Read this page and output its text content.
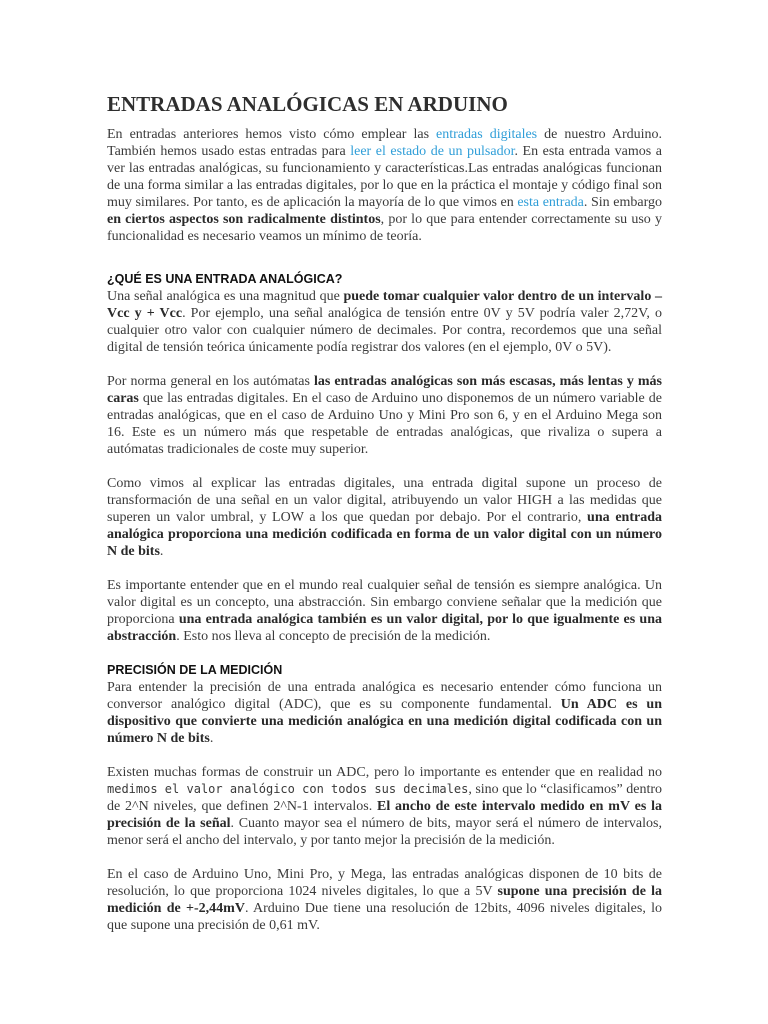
ENTRADAS ANALÓGICAS EN ARDUINO

En entradas anteriores hemos visto cómo emplear las entradas digitales de nuestro Arduino. También hemos usado estas entradas para leer el estado de un pulsador. En esta entrada vamos a ver las entradas analógicas, su funcionamiento y características.Las entradas analógicas funcionan de una forma similar a las entradas digitales, por lo que en la práctica el montaje y código final son muy similares. Por tanto, es de aplicación la mayoría de lo que vimos en esta entrada. Sin embargo en ciertos aspectos son radicalmente distintos, por lo que para entender correctamente su uso y funcionalidad es necesario veamos un mínimo de teoría.

¿QUÉ ES UNA ENTRADA ANALÓGICA?

Una señal analógica es una magnitud que puede tomar cualquier valor dentro de un intervalo –Vcc y + Vcc. Por ejemplo, una señal analógica de tensión entre 0V y 5V podría valer 2,72V, o cualquier otro valor con cualquier número de decimales. Por contra, recordemos que una señal digital de tensión teórica únicamente podía registrar dos valores (en el ejemplo, 0V o 5V).

Por norma general en los autómatas las entradas analógicas son más escasas, más lentas y más caras que las entradas digitales. En el caso de Arduino uno disponemos de un número variable de entradas analógicas, que en el caso de Arduino Uno y Mini Pro son 6, y en el Arduino Mega son 16. Este es un número más que respetable de entradas analógicas, que rivaliza o supera a autómatas tradicionales de coste muy superior.

Como vimos al explicar las entradas digitales, una entrada digital supone un proceso de transformación de una señal en un valor digital, atribuyendo un valor HIGH a las medidas que superen un valor umbral, y LOW a los que quedan por debajo. Por el contrario, una entrada analógica proporciona una medición codificada en forma de un valor digital con un número N de bits.

Es importante entender que en el mundo real cualquier señal de tensión es siempre analógica. Un valor digital es un concepto, una abstracción. Sin embargo conviene señalar que la medición que proporciona una entrada analógica también es un valor digital, por lo que igualmente es una abstracción. Esto nos lleva al concepto de precisión de la medición.

PRECISIÓN DE LA MEDICIÓN

Para entender la precisión de una entrada analógica es necesario entender cómo funciona un conversor analógico digital (ADC), que es su componente fundamental. Un ADC es un dispositivo que convierte una medición analógica en una medición digital codificada con un número N de bits.

Existen muchas formas de construir un ADC, pero lo importante es entender que en realidad no medimos el valor analógico con todos sus decimales, sino que lo “clasificamos” dentro de 2^N niveles, que definen 2^N-1 intervalos. El ancho de este intervalo medido en mV es la precisión de la señal. Cuanto mayor sea el número de bits, mayor será el número de intervalos, menor será el ancho del intervalo, y por tanto mejor la precisión de la medición.

En el caso de Arduino Uno, Mini Pro, y Mega, las entradas analógicas disponen de 10 bits de resolución, lo que proporciona 1024 niveles digitales, lo que a 5V supone una precisión de la medición de +-2,44mV. Arduino Due tiene una resolución de 12bits, 4096 niveles digitales, lo que supone una precisión de 0,61 mV.
